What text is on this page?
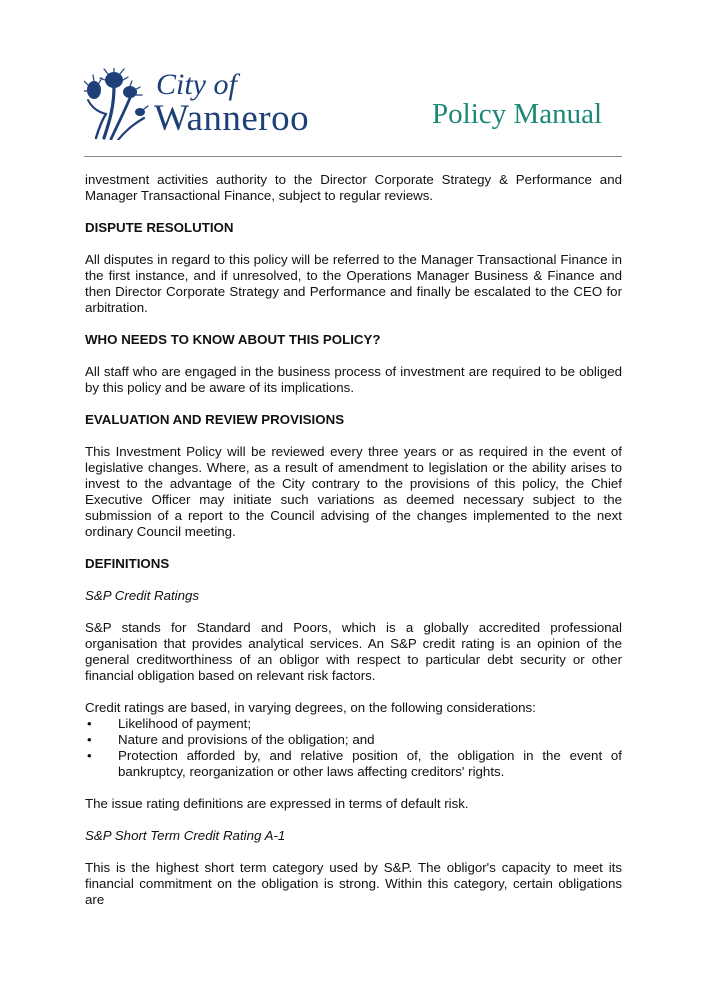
City of
Wanneroo	Policy Manual

investment activities authority to the Director Corporate Strategy & Performance and Manager Transactional Finance, subject to regular reviews.

DISPUTE RESOLUTION

All disputes in regard to this policy will be referred to the Manager Transactional Finance in the first instance, and if unresolved, to the Operations Manager Business & Finance and then Director Corporate Strategy and Performance and finally be escalated to the CEO for arbitration.

WHO NEEDS TO KNOW ABOUT THIS POLICY?

All staff who are engaged in the business process of investment are required to be obliged by this policy and be aware of its implications.

EVALUATION AND REVIEW PROVISIONS

This Investment Policy will be reviewed every three years or as required in the event of legislative changes. Where, as a result of amendment to legislation or the ability arises to invest to the advantage of the City contrary to the provisions of this policy, the Chief Executive Officer may initiate such variations as deemed necessary subject to the submission of a report to the Council advising of the changes implemented to the next ordinary Council meeting.

DEFINITIONS
S&P Credit Ratings

S&P stands for Standard and Poors, which is a globally accredited professional organisation that provides analytical services. An S&P credit rating is an opinion of the general creditworthiness of an obligor with respect to particular debt security or other financial obligation based on relevant risk factors.

Credit ratings are based, in varying degrees, on the following considerations:

• Likelihood of payment;
• Nature and provisions of the obligation; and
• Protection afforded by, and relative position of, the obligation in the event of bankruptcy, reorganization or other laws affecting creditors' rights.

The issue rating definitions are expressed in terms of default risk.

S&P Short Term Credit Rating A-1

This is the highest short term category used by S&P. The obligor's capacity to meet its financial commitment on the obligation is strong. Within this category, certain obligations are
